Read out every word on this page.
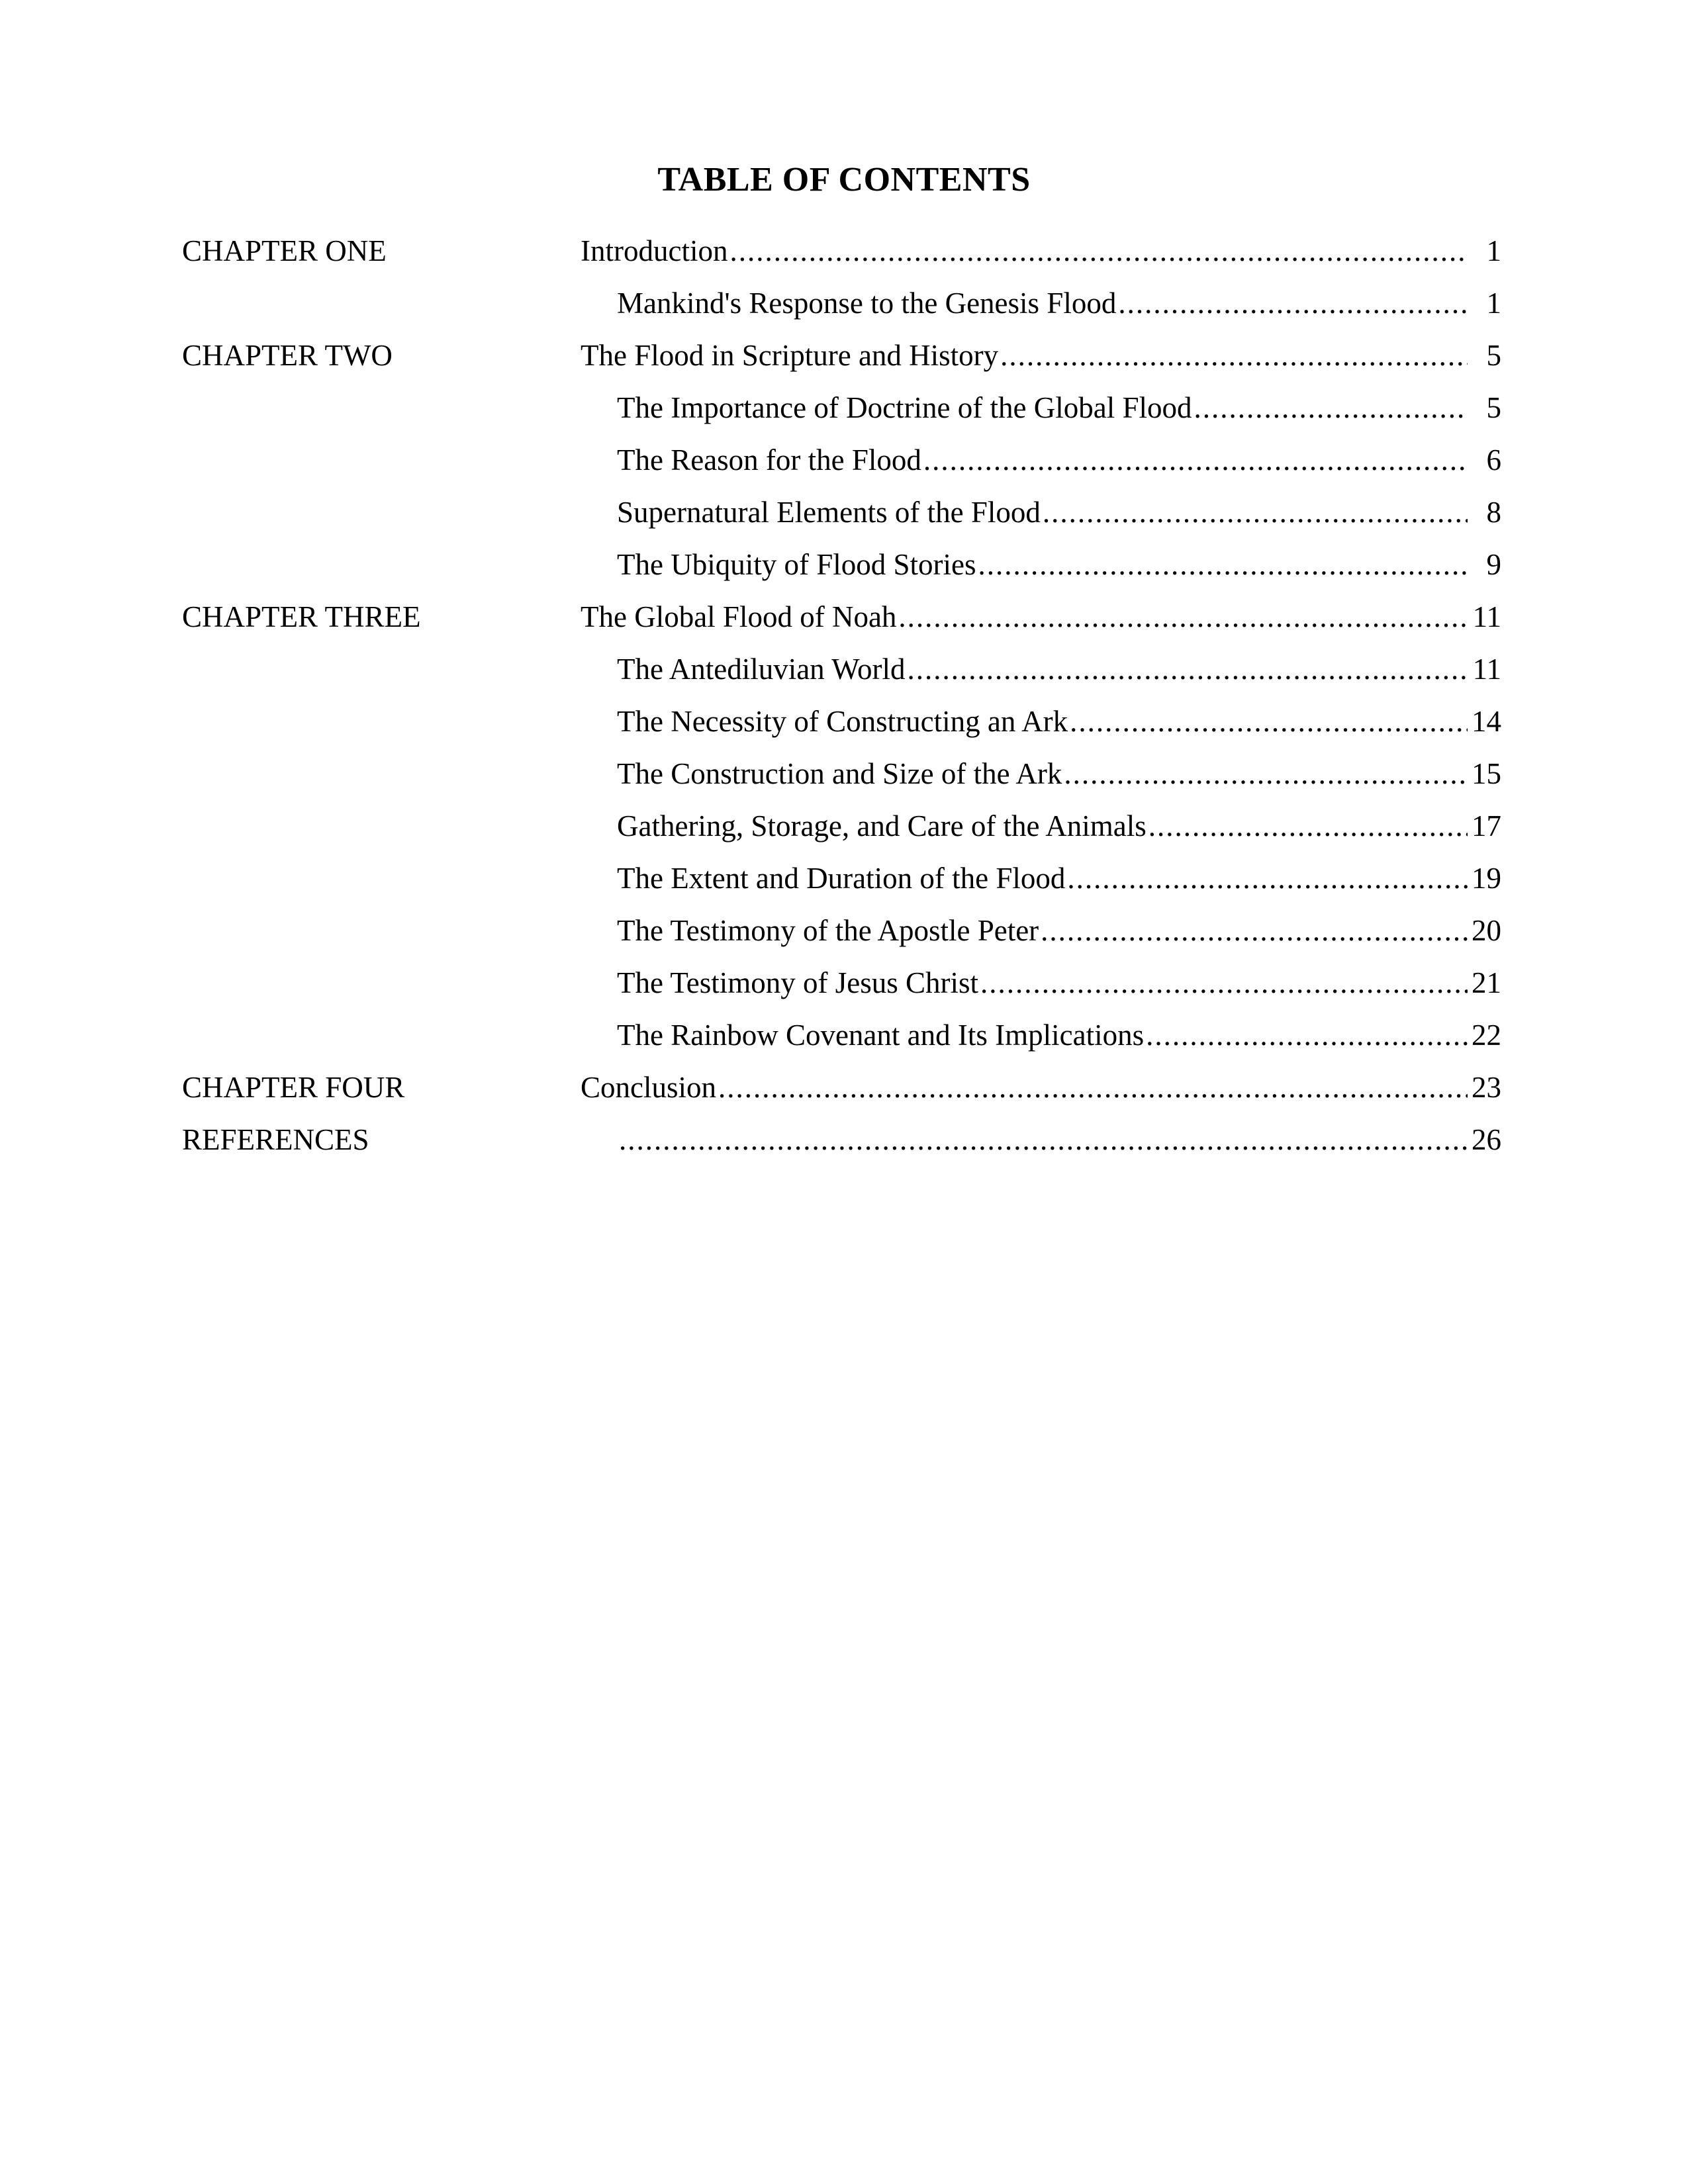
TABLE OF CONTENTS
CHAPTER ONE	Introduction .....	1
Mankind's Response to the Genesis Flood .....	1
CHAPTER TWO	The Flood in Scripture and History .....	5
The Importance of Doctrine of the Global Flood .....	5
The Reason for the Flood .....	6
Supernatural Elements of the Flood .....	8
The Ubiquity of Flood Stories .....	9
CHAPTER THREE	The Global Flood of Noah .....	11
The Antediluvian World .....	11
The Necessity of Constructing an Ark .....	14
The Construction and Size of the Ark .....	15
Gathering, Storage, and Care of the Animals .....	17
The Extent and Duration of the Flood .....	19
The Testimony of the Apostle Peter .....	20
The Testimony of Jesus Christ .....	21
The Rainbow Covenant and Its Implications .....	22
CHAPTER FOUR	Conclusion .....	23
REFERENCES .....	26
